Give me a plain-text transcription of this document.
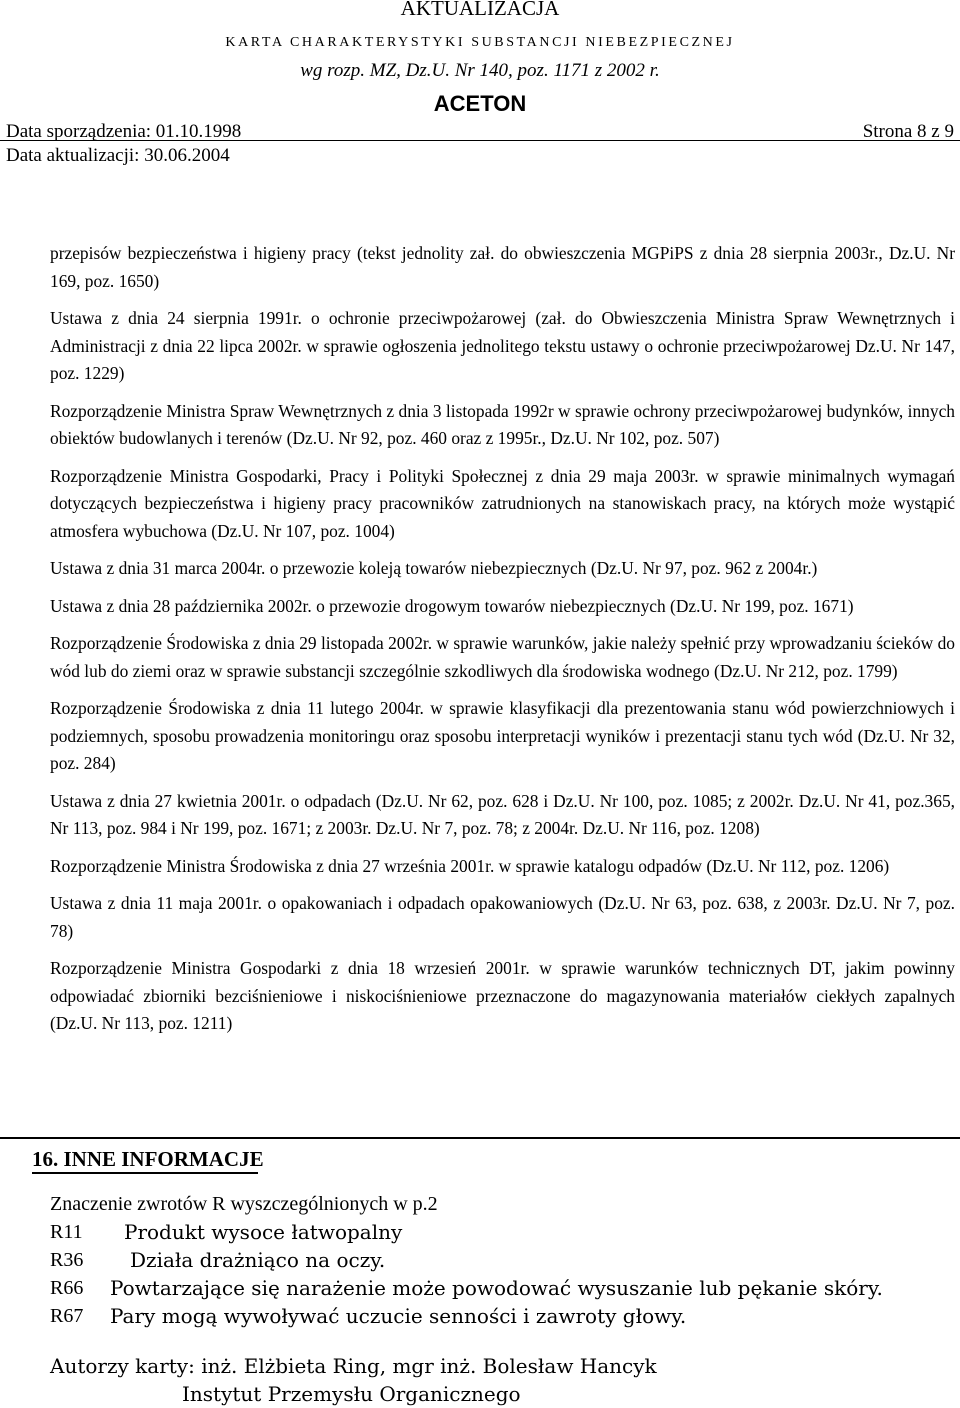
AKTUALIZACJA
KARTA CHARAKTERYSTYKI SUBSTANCJI NIEBEZPIECZNEJ
wg rozp. MZ, Dz.U. Nr 140, poz. 1171 z 2002 r.
ACETON
Data sporządzenia: 01.10.1998	Strona 8 z 9
Data aktualizacji: 30.06.2004

przepisów bezpieczeństwa i higieny pracy (tekst jednolity zał. do obwieszczenia MGPiPS z dnia 28 sierpnia 2003r., Dz.U. Nr 169, poz. 1650)

Ustawa z dnia 24 sierpnia 1991r. o ochronie przeciwpożarowej (zał. do Obwieszczenia Ministra Spraw Wewnętrznych i Administracji z dnia 22 lipca 2002r. w sprawie ogłoszenia jednolitego tekstu ustawy o ochronie przeciwpożarowej Dz.U. Nr 147, poz. 1229)

Rozporządzenie Ministra Spraw Wewnętrznych z dnia 3 listopada 1992r w sprawie ochrony przeciwpożarowej budynków, innych obiektów budowlanych i terenów (Dz.U. Nr 92, poz. 460 oraz z 1995r., Dz.U. Nr 102, poz. 507)

Rozporządzenie Ministra Gospodarki, Pracy i Polityki Społecznej z dnia 29 maja 2003r. w sprawie minimalnych wymagań dotyczących bezpieczeństwa i higieny pracy pracowników zatrudnionych na stanowiskach pracy, na których może wystąpić atmosfera wybuchowa (Dz.U. Nr 107, poz. 1004)

Ustawa z dnia 31 marca 2004r. o przewozie koleją towarów niebezpiecznych (Dz.U. Nr 97, poz. 962 z 2004r.)

Ustawa z dnia 28 października 2002r. o przewozie drogowym towarów niebezpiecznych (Dz.U. Nr 199, poz. 1671)

Rozporządzenie Środowiska z dnia 29 listopada 2002r. w sprawie warunków, jakie należy spełnić przy wprowadzaniu ścieków do wód lub do ziemi oraz w sprawie substancji szczególnie szkodliwych dla środowiska wodnego (Dz.U. Nr 212, poz. 1799)

Rozporządzenie Środowiska z dnia 11 lutego 2004r. w sprawie klasyfikacji dla prezentowania stanu wód powierzchniowych i podziemnych, sposobu prowadzenia monitoringu oraz sposobu interpretacji wyników i prezentacji stanu tych wód (Dz.U. Nr 32, poz. 284)

Ustawa z dnia 27 kwietnia 2001r. o odpadach (Dz.U. Nr 62, poz. 628 i Dz.U. Nr 100, poz. 1085; z 2002r. Dz.U. Nr 41, poz.365, Nr 113, poz. 984 i Nr 199, poz. 1671; z 2003r. Dz.U. Nr 7, poz. 78; z 2004r. Dz.U. Nr 116, poz. 1208)

Rozporządzenie Ministra Środowiska z dnia 27 września 2001r. w sprawie katalogu odpadów (Dz.U. Nr 112, poz. 1206)

Ustawa z dnia 11 maja 2001r. o opakowaniach i odpadach opakowaniowych (Dz.U. Nr 63, poz. 638, z 2003r. Dz.U. Nr 7, poz. 78)

Rozporządzenie Ministra Gospodarki z dnia 18 wrzesień 2001r. w sprawie warunków technicznych DT, jakim powinny odpowiadać zbiorniki bezciśnieniowe i niskociśnieniowe przeznaczone do magazynowania materiałów ciekłych zapalnych (Dz.U. Nr 113, poz. 1211)

16. INNE INFORMACJE
Znaczenie zwrotów R wyszczególnionych w p.2
R11	Produkt wysoce łatwopalny
R36	Działa drażniąco na oczy.
R66	Powtarzające się narażenie może powodować wysuszanie lub pękanie skóry.
R67	Pary mogą wywoływać uczucie senności i zawroty głowy.
Autorzy karty: inż. Elżbieta Ring, mgr inż. Bolesław Hancyk
Instytut Przemysłu Organicznego
